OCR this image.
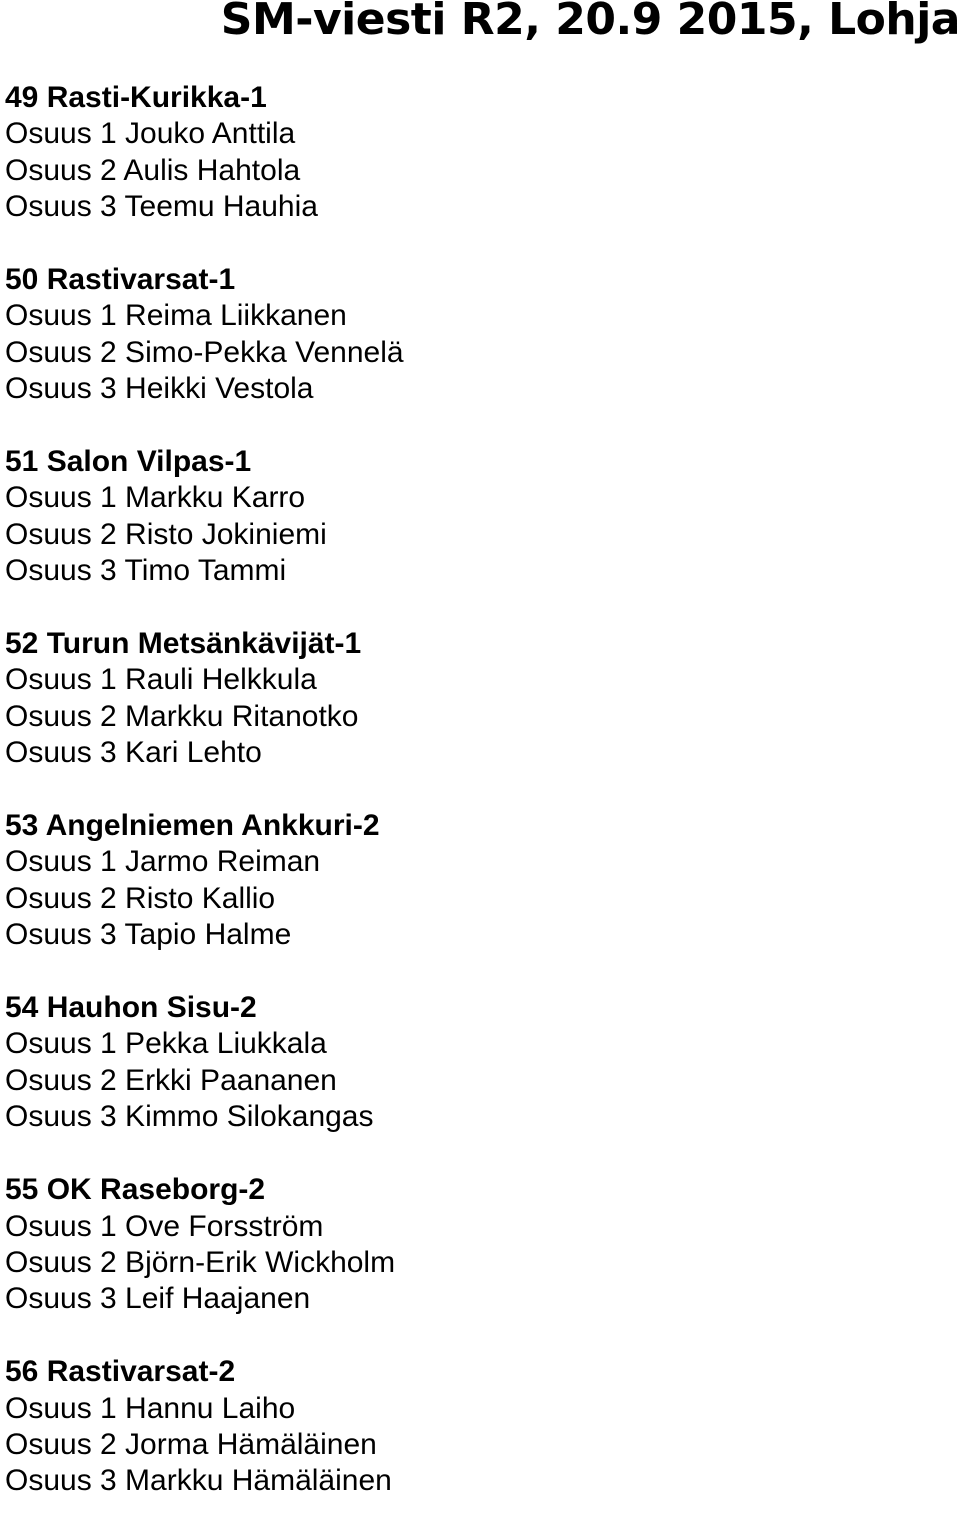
SM-viesti R2, 20.9 2015, Lohja
49 Rasti-Kurikka-1
Osuus 1 Jouko Anttila
Osuus 2 Aulis Hahtola
Osuus 3 Teemu Hauhia
50 Rastivarsat-1
Osuus 1 Reima Liikkanen
Osuus 2 Simo-Pekka Vennelä
Osuus 3 Heikki Vestola
51 Salon Vilpas-1
Osuus 1 Markku Karro
Osuus 2 Risto Jokiniemi
Osuus 3 Timo Tammi
52 Turun Metsänkävijät-1
Osuus 1 Rauli Helkkula
Osuus 2 Markku Ritanotko
Osuus 3 Kari Lehto
53 Angelniemen Ankkuri-2
Osuus 1 Jarmo Reiman
Osuus 2 Risto Kallio
Osuus 3 Tapio Halme
54 Hauhon Sisu-2
Osuus 1 Pekka Liukkala
Osuus 2 Erkki Paananen
Osuus 3 Kimmo Silokangas
55 OK Raseborg-2
Osuus 1 Ove Forsström
Osuus 2 Björn-Erik Wickholm
Osuus 3 Leif Haajanen
56 Rastivarsat-2
Osuus 1 Hannu Laiho
Osuus 2 Jorma Hämäläinen
Osuus 3 Markku Hämäläinen
